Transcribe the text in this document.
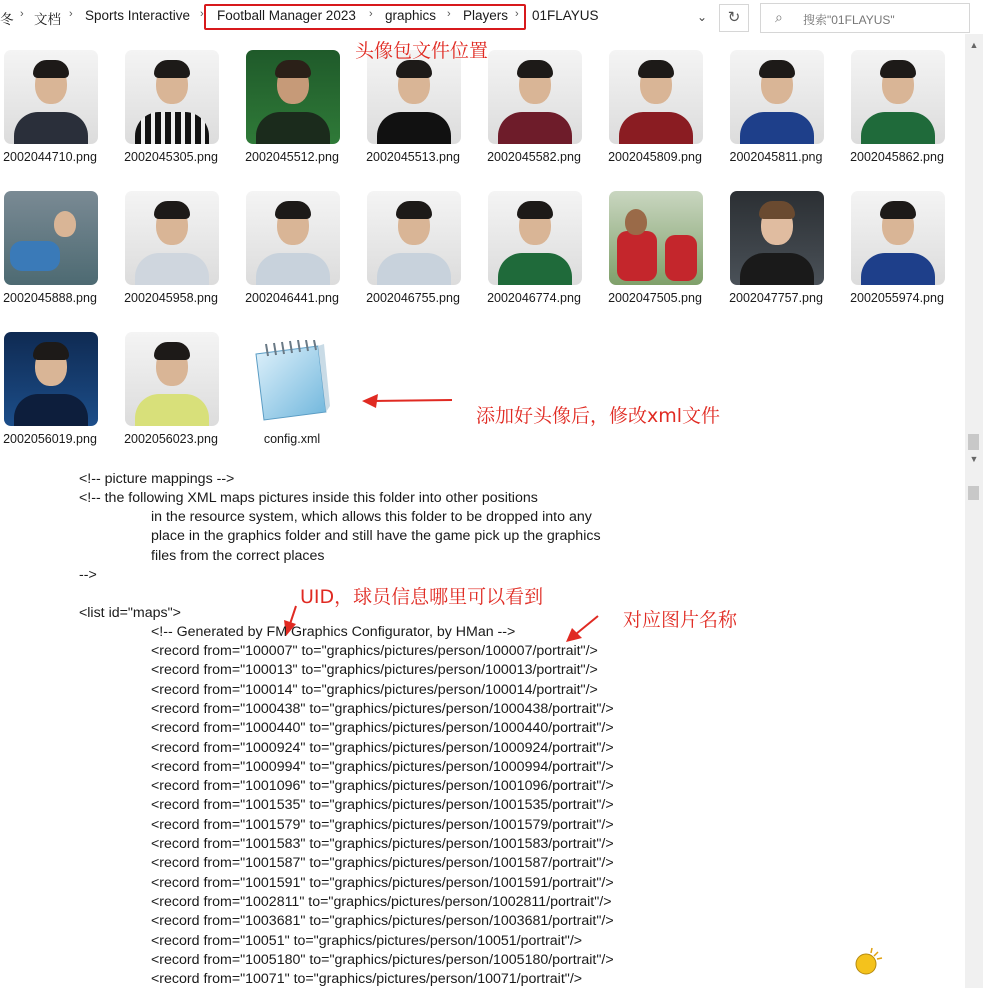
冬 › 文档 › Sports Interactive › Football Manager 2023 › graphics › Players › 01FLAYUS	⌄	↻	⌕ 搜索"01FLAYUS"
▲
▼
2002044710.png	2002045305.png	2002045512.png	2002045513.png	2002045582.png	2002045809.png	2002045811.png	2002045862.png
2002045888.png	2002045958.png	2002046441.png	2002046755.png	2002046774.png	2002047505.png	2002047757.png	2002055974.png
2002056019.png	2002056023.png	config.xml
头像包文件位置
添加好头像后，修改xml文件
UID，球员信息哪里可以看到
对应图片名称
<!-- picture mappings -->
<!-- the following XML maps pictures inside this folder into other positions
in the resource system, which allows this folder to be dropped into any
place in the graphics folder and still have the game pick up the graphics
files from the correct places
-->
<list id="maps">
<!-- Generated by FM Graphics Configurator, by HMan -->
<record from="100007" to="graphics/pictures/person/100007/portrait"/>
<record from="100013" to="graphics/pictures/person/100013/portrait"/>
<record from="100014" to="graphics/pictures/person/100014/portrait"/>
<record from="1000438" to="graphics/pictures/person/1000438/portrait"/>
<record from="1000440" to="graphics/pictures/person/1000440/portrait"/>
<record from="1000924" to="graphics/pictures/person/1000924/portrait"/>
<record from="1000994" to="graphics/pictures/person/1000994/portrait"/>
<record from="1001096" to="graphics/pictures/person/1001096/portrait"/>
<record from="1001535" to="graphics/pictures/person/1001535/portrait"/>
<record from="1001579" to="graphics/pictures/person/1001579/portrait"/>
<record from="1001583" to="graphics/pictures/person/1001583/portrait"/>
<record from="1001587" to="graphics/pictures/person/1001587/portrait"/>
<record from="1001591" to="graphics/pictures/person/1001591/portrait"/>
<record from="1002811" to="graphics/pictures/person/1002811/portrait"/>
<record from="1003681" to="graphics/pictures/person/1003681/portrait"/>
<record from="10051" to="graphics/pictures/person/10051/portrait"/>
<record from="1005180" to="graphics/pictures/person/1005180/portrait"/>
<record from="10071" to="graphics/pictures/person/10071/portrait"/>
